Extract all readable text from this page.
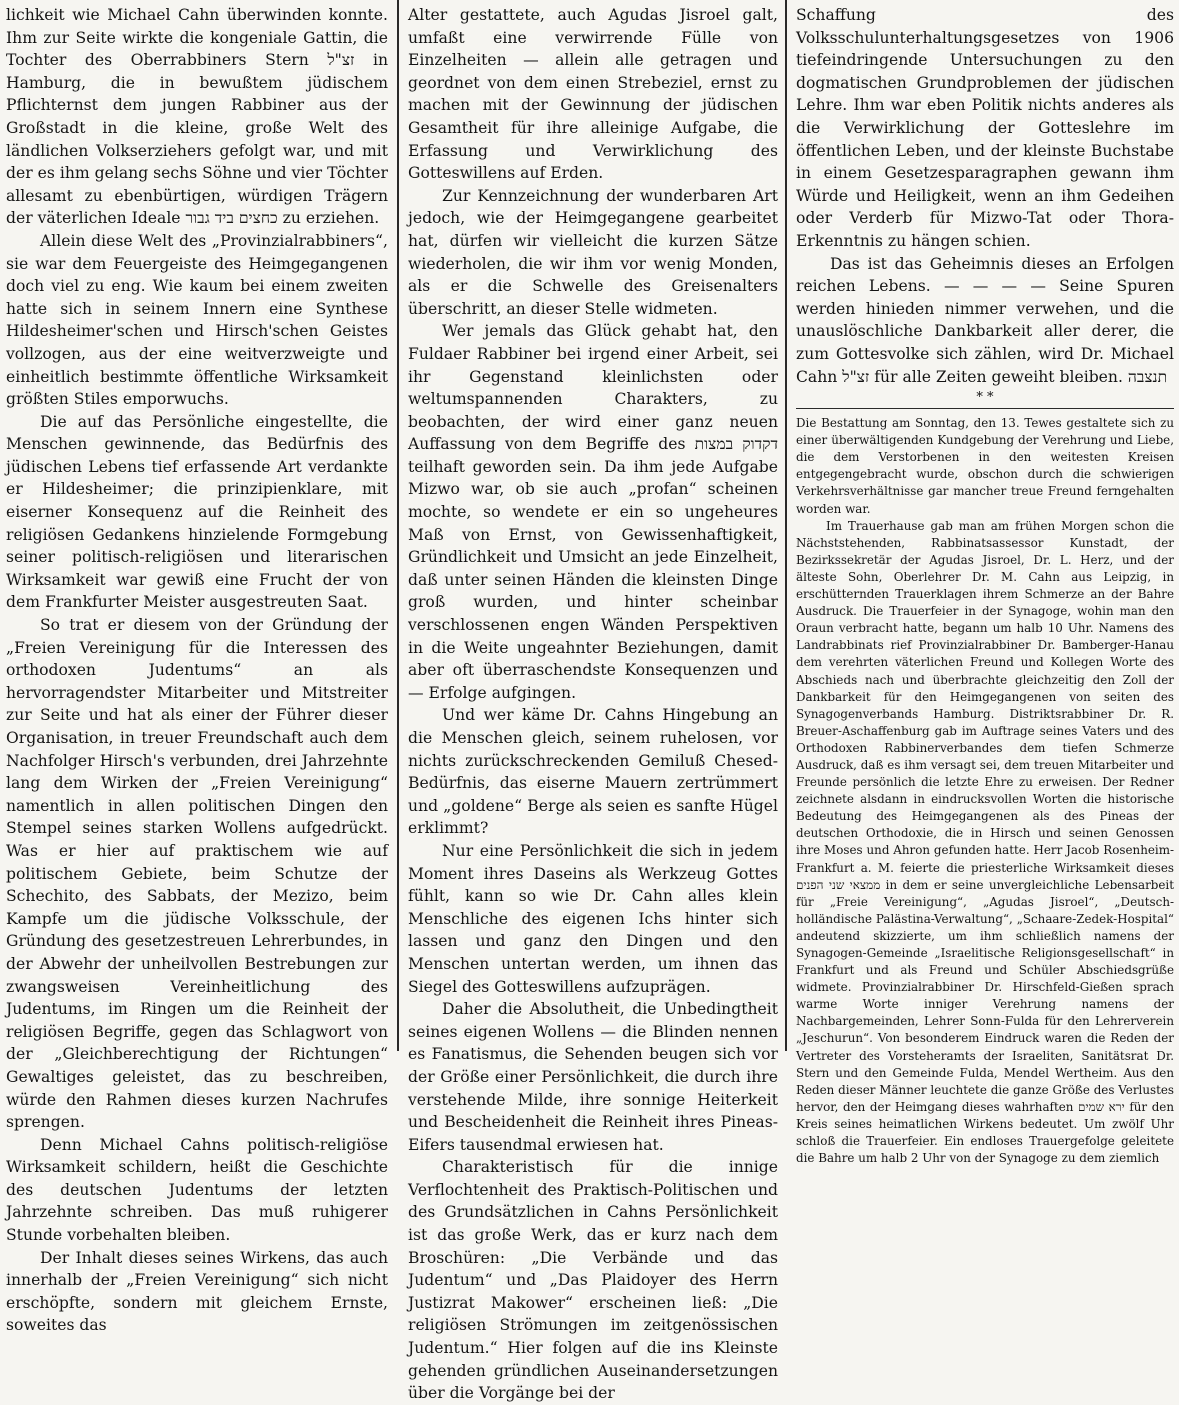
lichkeit wie Michael Cahn überwinden konnte. Ihm zur Seite wirkte die kongeniale Gattin, die Tochter des Oberrabbiners Stern זצ"ל in Hamburg, die in bewußtem jüdischem Pflichternst dem jungen Rabbiner aus der Großstadt in die kleine, große Welt des ländlichen Volkserziehers gefolgt war, und mit der es ihm gelang sechs Söhne und vier Töchter allesamt zu ebenbürtigen, würdigen Trägern der väterlichen Ideale כחצים ביד גבור zu erziehen.

Allein diese Welt des „Provinzialrabbiners“, sie war dem Feuergeiste des Heimgegangenen doch viel zu eng. Wie kaum bei einem zweiten hatte sich in seinem Innern eine Synthese Hildesheimer'schen und Hirsch'schen Geistes vollzogen, aus der eine weitverzweigte und einheitlich bestimmte öffentliche Wirksamkeit größten Stiles emporwuchs.

Die auf das Persönliche eingestellte, die Menschen gewinnende, das Bedürfnis des jüdischen Lebens tief erfassende Art verdankte er Hildesheimer; die prinzipienklare, mit eiserner Konsequenz auf die Reinheit des religiösen Gedankens hinzielende Formgebung seiner politisch-religiösen und literarischen Wirksamkeit war gewiß eine Frucht der von dem Frankfurter Meister ausgestreuten Saat.

So trat er diesem von der Gründung der „Freien Vereinigung für die Interessen des orthodoxen Judentums“ an als hervorragendster Mitarbeiter und Mitstreiter zur Seite und hat als einer der Führer dieser Organisation, in treuer Freundschaft auch dem Nachfolger Hirsch's verbunden, drei Jahrzehnte lang dem Wirken der „Freien Vereinigung“ namentlich in allen politischen Dingen den Stempel seines starken Wollens aufgedrückt. Was er hier auf praktischem wie auf politischem Gebiete, beim Schutze der Schechito, des Sabbats, der Mezizo, beim Kampfe um die jüdische Volksschule, der Gründung des gesetzestreuen Lehrerbundes, in der Abwehr der unheilvollen Bestrebungen zur zwangsweisen Vereinheitlichung des Judentums, im Ringen um die Reinheit der religiösen Begriffe, gegen das Schlagwort von der „Gleichberechtigung der Richtungen“ Gewaltiges geleistet, das zu beschreiben, würde den Rahmen dieses kurzen Nachrufes sprengen.

Denn Michael Cahns politisch-religiöse Wirksamkeit schildern, heißt die Geschichte des deutschen Judentums der letzten Jahrzehnte schreiben. Das muß ruhigerer Stunde vorbehalten bleiben.

Der Inhalt dieses seines Wirkens, das auch innerhalb der „Freien Vereinigung“ sich nicht erschöpfte, sondern mit gleichem Ernste, soweites das

Alter gestattete, auch Agudas Jisroel galt, umfaßt eine verwirrende Fülle von Einzelheiten — allein alle getragen und geordnet von dem einen Strebeziel, ernst zu machen mit der Gewinnung der jüdischen Gesamtheit für ihre alleinige Aufgabe, die Erfassung und Verwirklichung des Gotteswillens auf Erden.

Zur Kennzeichnung der wunderbaren Art jedoch, wie der Heimgegangene gearbeitet hat, dürfen wir vielleicht die kurzen Sätze wiederholen, die wir ihm vor wenig Monden, als er die Schwelle des Greisenalters überschritt, an dieser Stelle widmeten.

Wer jemals das Glück gehabt hat, den Fuldaer Rabbiner bei irgend einer Arbeit, sei ihr Gegenstand kleinlichsten oder weltumspannenden Charakters, zu beobachten, der wird einer ganz neuen Auffassung von dem Begriffe des דקדוק במצות teilhaft geworden sein. Da ihm jede Aufgabe Mizwo war, ob sie auch „profan“ scheinen mochte, so wendete er ein so ungeheures Maß von Ernst, von Gewissenhaftigkeit, Gründlichkeit und Umsicht an jede Einzelheit, daß unter seinen Händen die kleinsten Dinge groß wurden, und hinter scheinbar verschlossenen engen Wänden Perspektiven in die Weite ungeahnter Beziehungen, damit aber oft überraschendste Konsequenzen und — Erfolge aufgingen.

Und wer käme Dr. Cahns Hingebung an die Menschen gleich, seinem ruhelosen, vor nichts zurückschreckenden Gemiluß Chesed-Bedürfnis, das eiserne Mauern zertrümmert und „goldene“ Berge als seien es sanfte Hügel erklimmt?

Nur eine Persönlichkeit die sich in jedem Moment ihres Daseins als Werkzeug Gottes fühlt, kann so wie Dr. Cahn alles klein Menschliche des eigenen Ichs hinter sich lassen und ganz den Dingen und den Menschen untertan werden, um ihnen das Siegel des Gotteswillens aufzuprägen.

Daher die Absolutheit, die Unbedingtheit seines eigenen Wollens — die Blinden nennen es Fanatismus, die Sehenden beugen sich vor der Größe einer Persönlichkeit, die durch ihre verstehende Milde, ihre sonnige Heiterkeit und Bescheidenheit die Reinheit ihres Pineas-Eifers tausendmal erwiesen hat.

Charakteristisch für die innige Verflochtenheit des Praktisch-Politischen und des Grundsätzlichen in Cahns Persönlichkeit ist das große Werk, das er kurz nach dem Broschüren: „Die Verbände und das Judentum“ und „Das Plaidoyer des Herrn Justizrat Makower“ erscheinen ließ: „Die religiösen Strömungen im zeitgenössischen Judentum.“ Hier folgen auf die ins Kleinste gehenden gründlichen Auseinandersetzungen über die Vorgänge bei der

Schaffung des Volksschulunterhaltungsgesetzes von 1906 tiefeindringende Untersuchungen zu den dogmatischen Grundproblemen der jüdischen Lehre. Ihm war eben Politik nichts anderes als die Verwirklichung der Gotteslehre im öffentlichen Leben, und der kleinste Buchstabe in einem Gesetzesparagraphen gewann ihm Würde und Heiligkeit, wenn an ihm Gedeihen oder Verderb für Mizwo-Tat oder Thora-Erkenntnis zu hängen schien.

Das ist das Geheimnis dieses an Erfolgen reichen Lebens. — — — — Seine Spuren werden hinieden nimmer verwehen, und die unauslöschliche Dankbarkeit aller derer, die zum Gottesvolke sich zählen, wird Dr. Michael Cahn זצ"ל für alle Zeiten geweiht bleiben. תנצבה

* *

Die Bestattung am Sonntag, den 13. Tewes gestaltete sich zu einer überwältigenden Kundgebung der Verehrung und Liebe, die dem Verstorbenen in den weitesten Kreisen entgegengebracht wurde, obschon durch die schwierigen Verkehrsverhältnisse gar mancher treue Freund ferngehalten worden war.

Im Trauerhause gab man am frühen Morgen schon die Nächststehenden, Rabbinatsassessor Kunstadt, der Bezirkssekretär der Agudas Jisroel, Dr. L. Herz, und der älteste Sohn, Oberlehrer Dr. M. Cahn aus Leipzig, in erschütternden Trauerklagen ihrem Schmerze an der Bahre Ausdruck. Die Trauerfeier in der Synagoge, wohin man den Oraun verbracht hatte, begann um halb 10 Uhr. Namens des Landrabbinats rief Provinzialrabbiner Dr. Bamberger-Hanau dem verehrten väterlichen Freund und Kollegen Worte des Abschieds nach und überbrachte gleichzeitig den Zoll der Dankbarkeit für den Heimgegangenen von seiten des Synagogenverbands Hamburg. Distriktsrabbiner Dr. R. Breuer-Aschaffenburg gab im Auftrage seines Vaters und des Orthodoxen Rabbinerverbandes dem tiefen Schmerze Ausdruck, daß es ihm versagt sei, dem treuen Mitarbeiter und Freunde persönlich die letzte Ehre zu erweisen. Der Redner zeichnete alsdann in eindrucksvollen Worten die historische Bedeutung des Heimgegangenen als des Pineas der deutschen Orthodoxie, die in Hirsch und seinen Genossen ihre Moses und Ahron gefunden hatte. Herr Jacob Rosenheim-Frankfurt a. M. feierte die priesterliche Wirksamkeit dieses ממצאי שני הפנים in dem er seine unvergleichliche Lebensarbeit für „Freie Vereinigung“, „Agudas Jisroel“, „Deutsch-holländische Palästina-Verwaltung“, „Schaare-Zedek-Hospital“ andeutend skizzierte, um ihm schließlich namens der Synagogen-Gemeinde „Israelitische Religionsgesellschaft“ in Frankfurt und als Freund und Schüler Abschiedsgrüße widmete. Provinzialrabbiner Dr. Hirschfeld-Gießen sprach warme Worte inniger Verehrung namens der Nachbargemeinden, Lehrer Sonn-Fulda für den Lehrerverein „Jeschurun“. Von besonderem Eindruck waren die Reden der Vertreter des Vorsteheramts der Israeliten, Sanitätsrat Dr. Stern und den Gemeinde Fulda, Mendel Wertheim. Aus den Reden dieser Männer leuchtete die ganze Größe des Verlustes hervor, den der Heimgang dieses wahrhaften ירא שמים für den Kreis seines heimatlichen Wirkens bedeutet. Um zwölf Uhr schloß die Trauerfeier. Ein endloses Trauergefolge geleitete die Bahre um halb 2 Uhr von der Synagoge zu dem ziemlich
